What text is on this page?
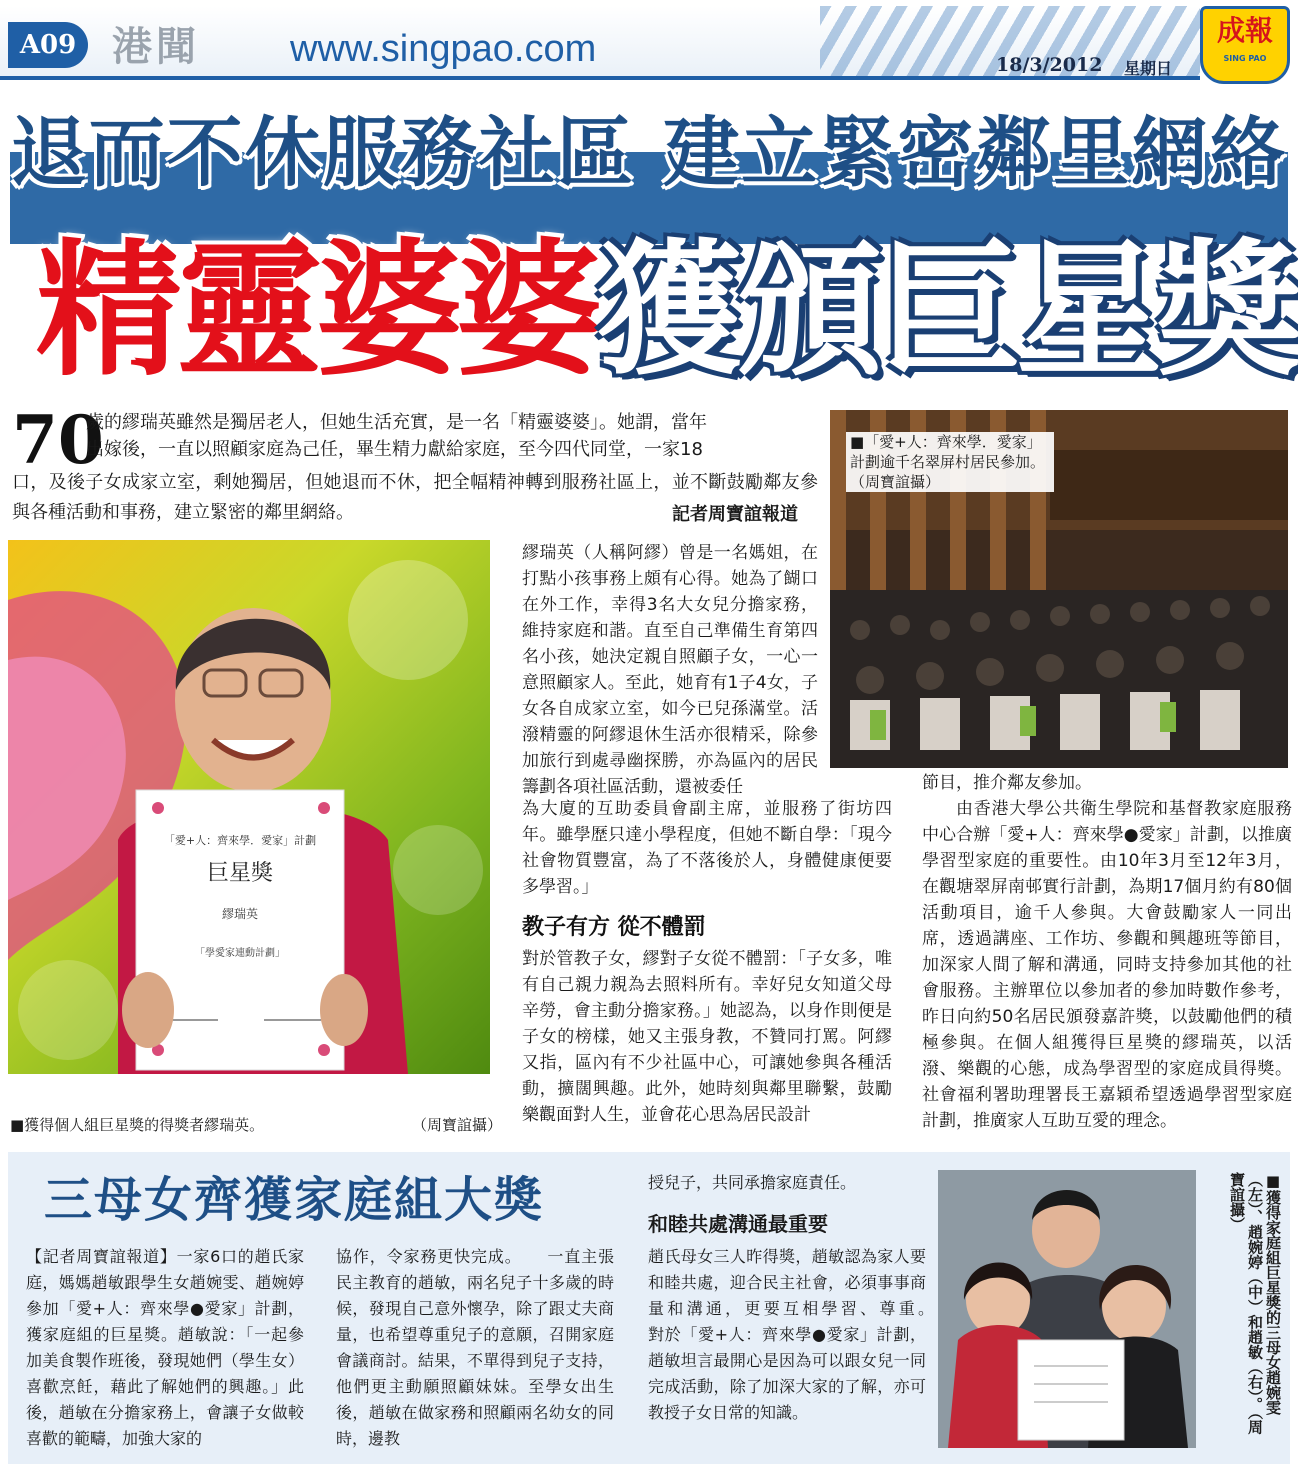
A09 港聞 www.singpao.com	18/3/2012 星期日
成報
SING PAO
退而不休服務社區 建立緊密鄰里網絡
精靈婆婆獲頒巨星獎
70
歲的繆瑞英雖然是獨居老人，但她生活充實，是一名「精靈婆婆」。她謂，當年
出嫁後，一直以照顧家庭為己任，畢生精力獻給家庭，至今四代同堂，一家18
口，及後子女成家立室，剩她獨居，但她退而不休，把全幅精神轉到服務社區上，並不斷鼓勵鄰友參與各種活動和事務，建立緊密的鄰里網絡。	記者周寶誼報道
「愛+人：齊來學．愛家」計劃
巨星獎
繆瑞英
「學愛家連動計劃」
■獲得個人組巨星獎的得獎者繆瑞英。	（周寶誼攝）
繆瑞英（人稱阿繆）曾是一名媽姐，在打點小孩事務上頗有心得。她為了餬口在外工作，幸得3名大女兒分擔家務，維持家庭和諧。直至自己準備生育第四名小孩，她決定親自照顧子女，一心一意照顧家人。至此，她育有1子4女，子女各自成家立室，如今已兒孫滿堂。活潑精靈的阿繆退休生活亦很精采，除參加旅行到處尋幽探勝，亦為區內的居民籌劃各項社區活動，還被委任
為大廈的互助委員會副主席，並服務了街坊四年。雖學歷只達小學程度，但她不斷自學：「現今社會物質豐富，為了不落後於人，身體健康便要多學習。」
教子有方 從不體罰
對於管教子女，繆對子女從不體罰：「子女多，唯有自己親力親為去照料所有。幸好兒女知道父母辛勞，會主動分擔家務。」她認為，以身作則便是子女的榜樣，她又主張身教，不贊同打罵。阿繆又指，區內有不少社區中心，可讓她參與各種活動，擴闊興趣。此外，她時刻與鄰里聯繫，鼓勵樂觀面對人生，並會花心思為居民設計
■「愛+人：齊來學．愛家」計劃逾千名翠屏村居民參加。（周寶誼攝）
節目，推介鄰友參加。
由香港大學公共衛生學院和基督教家庭服務中心合辦「愛+人：齊來學●愛家」計劃，以推廣學習型家庭的重要性。由10年3月至12年3月，在觀塘翠屏南邨實行計劃，為期17個月約有80個活動項目，逾千人參與。大會鼓勵家人一同出席，透過講座、工作坊、參觀和興趣班等節目，加深家人間了解和溝通，同時支持參加其他的社會服務。主辦單位以參加者的參加時數作參考，昨日向約50名居民頒發嘉許獎，以鼓勵他們的積極參與。在個人組獲得巨星獎的繆瑞英，以活潑、樂觀的心態，成為學習型的家庭成員得獎。社會福利署助理署長王嘉穎希望透過學習型家庭計劃，推廣家人互助互愛的理念。
三母女齊獲家庭組大獎
【記者周寶誼報道】一家6口的趙氏家庭，媽媽趙敏跟學生女趙婉雯、趙婉婷參加「愛+人：齊來學●愛家」計劃，獲家庭組的巨星獎。趙敏說：「一起參加美食製作班後，發現她們（學生女）喜歡烹飪，藉此了解她們的興趣。」此後，趙敏在分擔家務上，會讓子女做較喜歡的範疇，加強大家的
協作，令家務更快完成。　　一直主張民主教育的趙敏，兩名兒子十多歲的時候，發現自己意外懷孕，除了跟丈夫商量，也希望尊重兒子的意願，召開家庭會議商討。結果，不單得到兒子支持，他們更主動願照顧妹妹。至學女出生後，趙敏在做家務和照顧兩名幼女的同時，邊教
授兒子，共同承擔家庭責任。
和睦共處溝通最重要
趙氏母女三人昨得獎，趙敏認為家人要和睦共處，迎合民主社會，必須事事商量和溝通，更要互相學習、尊重。　　對於「愛+人：齊來學●愛家」計劃，趙敏坦言最開心是因為可以跟女兒一同完成活動，除了加深大家的了解，亦可教授子女日常的知識。	■獲得家庭組巨星獎的三母女趙婉雯（左）、趙婉婷（中）和趙敏（右）。（周寶誼攝）
